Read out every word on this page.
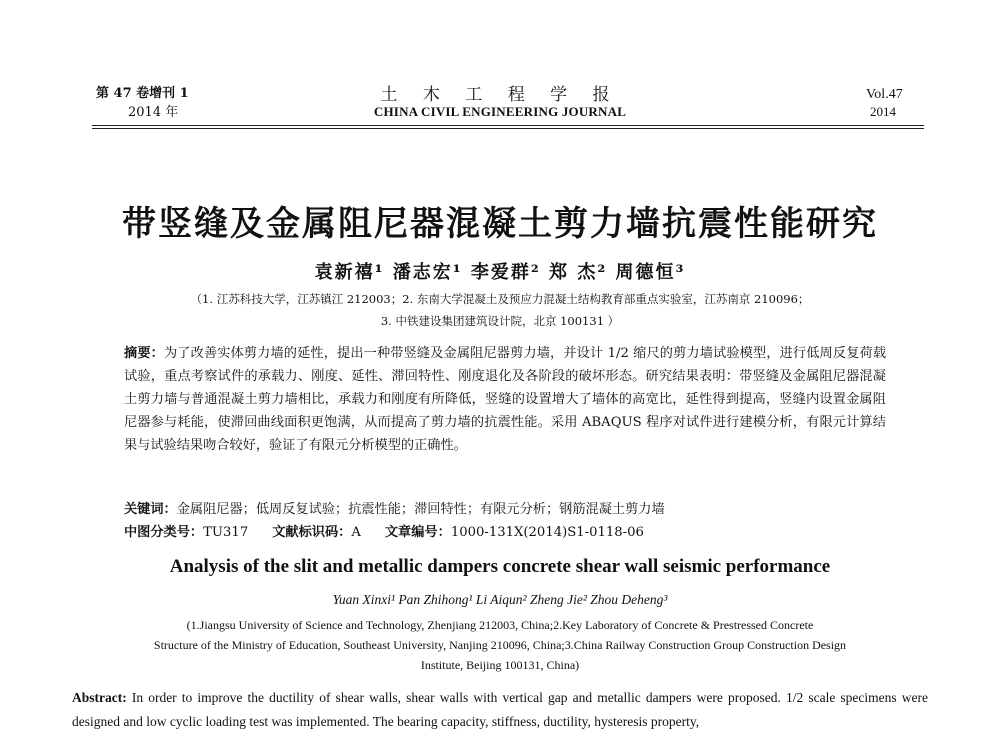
第 47 卷增刊 1
2014 年
土 木 工 程 学 报
CHINA CIVIL ENGINEERING JOURNAL
Vol.47
2014
带竖缝及金属阻尼器混凝土剪力墙抗震性能研究
袁新禧¹ 潘志宏¹ 李爱群² 郑 杰² 周德恒³
（1. 江苏科技大学，江苏镇江 212003；2. 东南大学混凝土及预应力混凝土结构教育部重点实验室，江苏南京 210096；
3. 中铁建设集团建筑设计院，北京 100131 ）
摘要：为了改善实体剪力墙的延性，提出一种带竖缝及金属阻尼器剪力墙，并设计 1/2 缩尺的剪力墙试验模型，进行低周反复荷载试验，重点考察试件的承载力、刚度、延性、滞回特性、刚度退化及各阶段的破坏形态。研究结果表明：带竖缝及金属阻尼器混凝土剪力墙与普通混凝土剪力墙相比，承载力和刚度有所降低，竖缝的设置增大了墙体的高宽比，延性得到提高，竖缝内设置金属阻尼器参与耗能，使滞回曲线面积更饱满，从而提高了剪力墙的抗震性能。采用 ABAQUS 程序对试件进行建模分析，有限元计算结果与试验结果吻合较好，验证了有限元分析模型的正确性。
关键词：金属阻尼器；低周反复试验；抗震性能；滞回特性；有限元分析；钢筋混凝土剪力墙
中图分类号：TU317 文献标识码：A 文章编号：1000-131X(2014)S1-0118-06
Analysis of the slit and metallic dampers concrete shear wall seismic performance
Yuan Xinxi¹ Pan Zhihong¹ Li Aiqun² Zheng Jie² Zhou Deheng³
(1.Jiangsu University of Science and Technology, Zhenjiang 212003, China;2.Key Laboratory of Concrete & Prestressed Concrete
Structure of the Ministry of Education, Southeast University, Nanjing 210096, China;3.China Railway Construction Group Construction Design
Institute, Beijing 100131, China)
Abstract: In order to improve the ductility of shear walls, shear walls with vertical gap and metallic dampers were proposed. 1/2 scale specimens were designed and low cyclic loading test was implemented. The bearing capacity, stiffness, ductility, hysteresis property,
